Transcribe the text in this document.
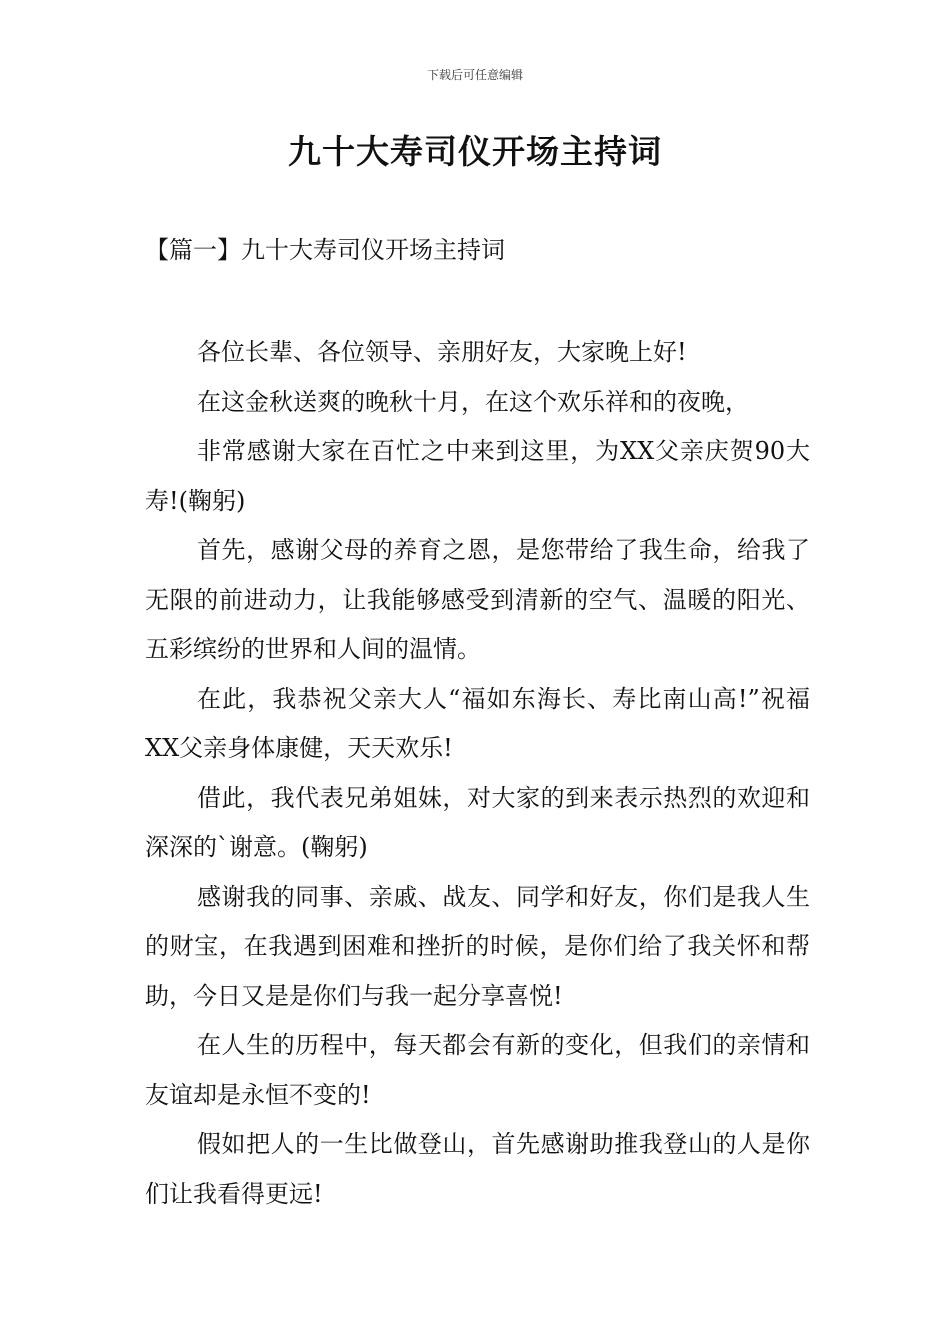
下载后可任意编辑
九十大寿司仪开场主持词
【篇一】九十大寿司仪开场主持词

各位长辈、各位领导、亲朋好友，大家晚上好!

在这金秋送爽的晚秋十月，在这个欢乐祥和的夜晚，

非常感谢大家在百忙之中来到这里，为XX父亲庆贺90大寿!(鞠躬)

首先，感谢父母的养育之恩，是您带给了我生命，给我了无限的前进动力，让我能够感受到清新的空气、温暖的阳光、五彩缤纷的世界和人间的温情。

在此，我恭祝父亲大人“福如东海长、寿比南山高!”祝福XX父亲身体康健，天天欢乐!

借此，我代表兄弟姐妹，对大家的到来表示热烈的欢迎和深深的`谢意。(鞠躬)

感谢我的同事、亲戚、战友、同学和好友，你们是我人生的财宝，在我遇到困难和挫折的时候，是你们给了我关怀和帮助，今日又是是你们与我一起分享喜悦!

在人生的历程中，每天都会有新的变化，但我们的亲情和友谊却是永恒不变的!

假如把人的一生比做登山，首先感谢助推我登山的人是你们让我看得更远!
